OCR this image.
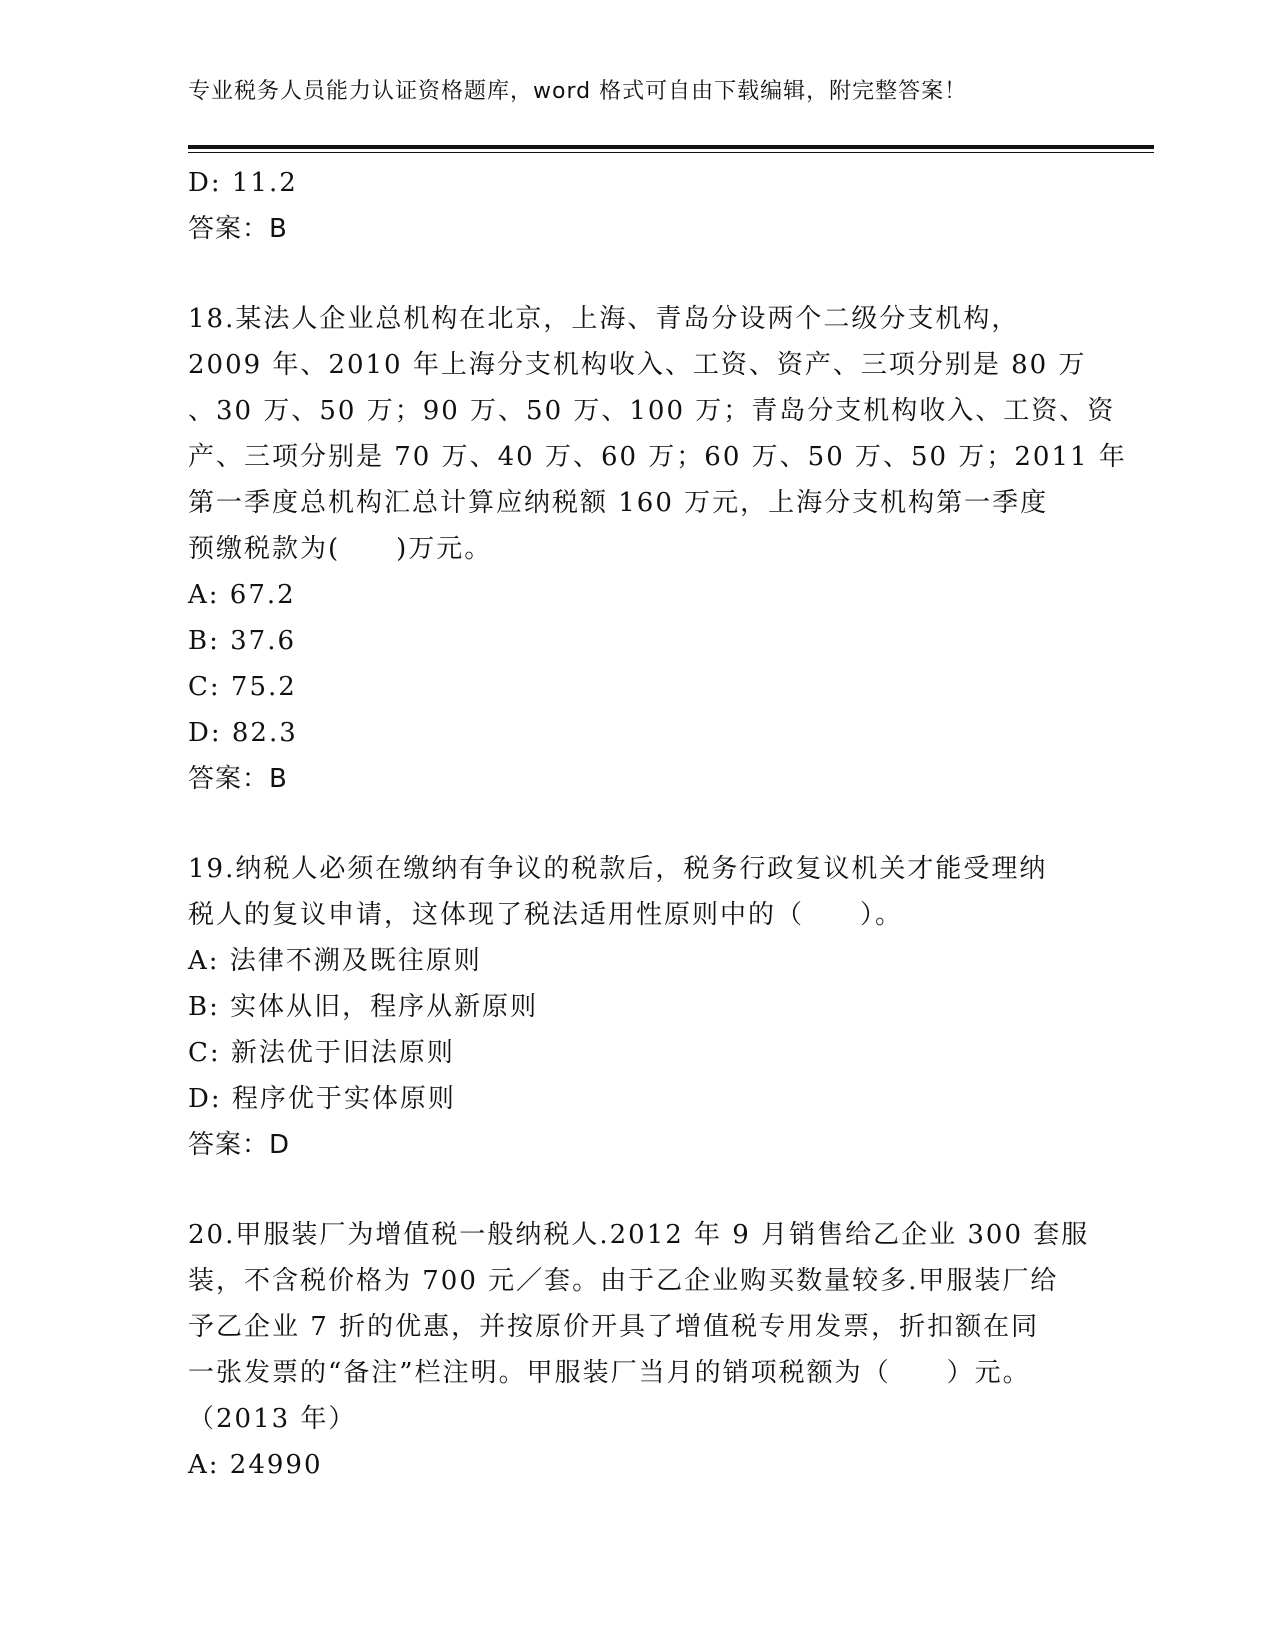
专业税务人员能力认证资格题库，word 格式可自由下载编辑，附完整答案！
D: 11.2
答案：B
18.某法人企业总机构在北京，上海、青岛分设两个二级分支机构，
2009 年、2010 年上海分支机构收入、工资、资产、三项分别是 80 万
、30 万、50 万；90 万、50 万、100 万；青岛分支机构收入、工资、资
产、三项分别是 70 万、40 万、60 万；60 万、50 万、50 万；2011 年
第一季度总机构汇总计算应纳税额 160 万元，上海分支机构第一季度
预缴税款为(　　)万元。
A: 67.2
B: 37.6
C: 75.2
D: 82.3
答案：B
19.纳税人必须在缴纳有争议的税款后，税务行政复议机关才能受理纳
税人的复议申请，这体现了税法适用性原则中的（　　）。
A: 法律不溯及既往原则
B: 实体从旧，程序从新原则
C: 新法优于旧法原则
D: 程序优于实体原则
答案：D
20.甲服装厂为增值税一般纳税人.2012 年 9 月销售给乙企业 300 套服
装，不含税价格为 700 元／套。由于乙企业购买数量较多.甲服装厂给
予乙企业 7 折的优惠，并按原价开具了增值税专用发票，折扣额在同
一张发票的“备注”栏注明。甲服装厂当月的销项税额为（　　）元。
（2013 年）
A: 24990
